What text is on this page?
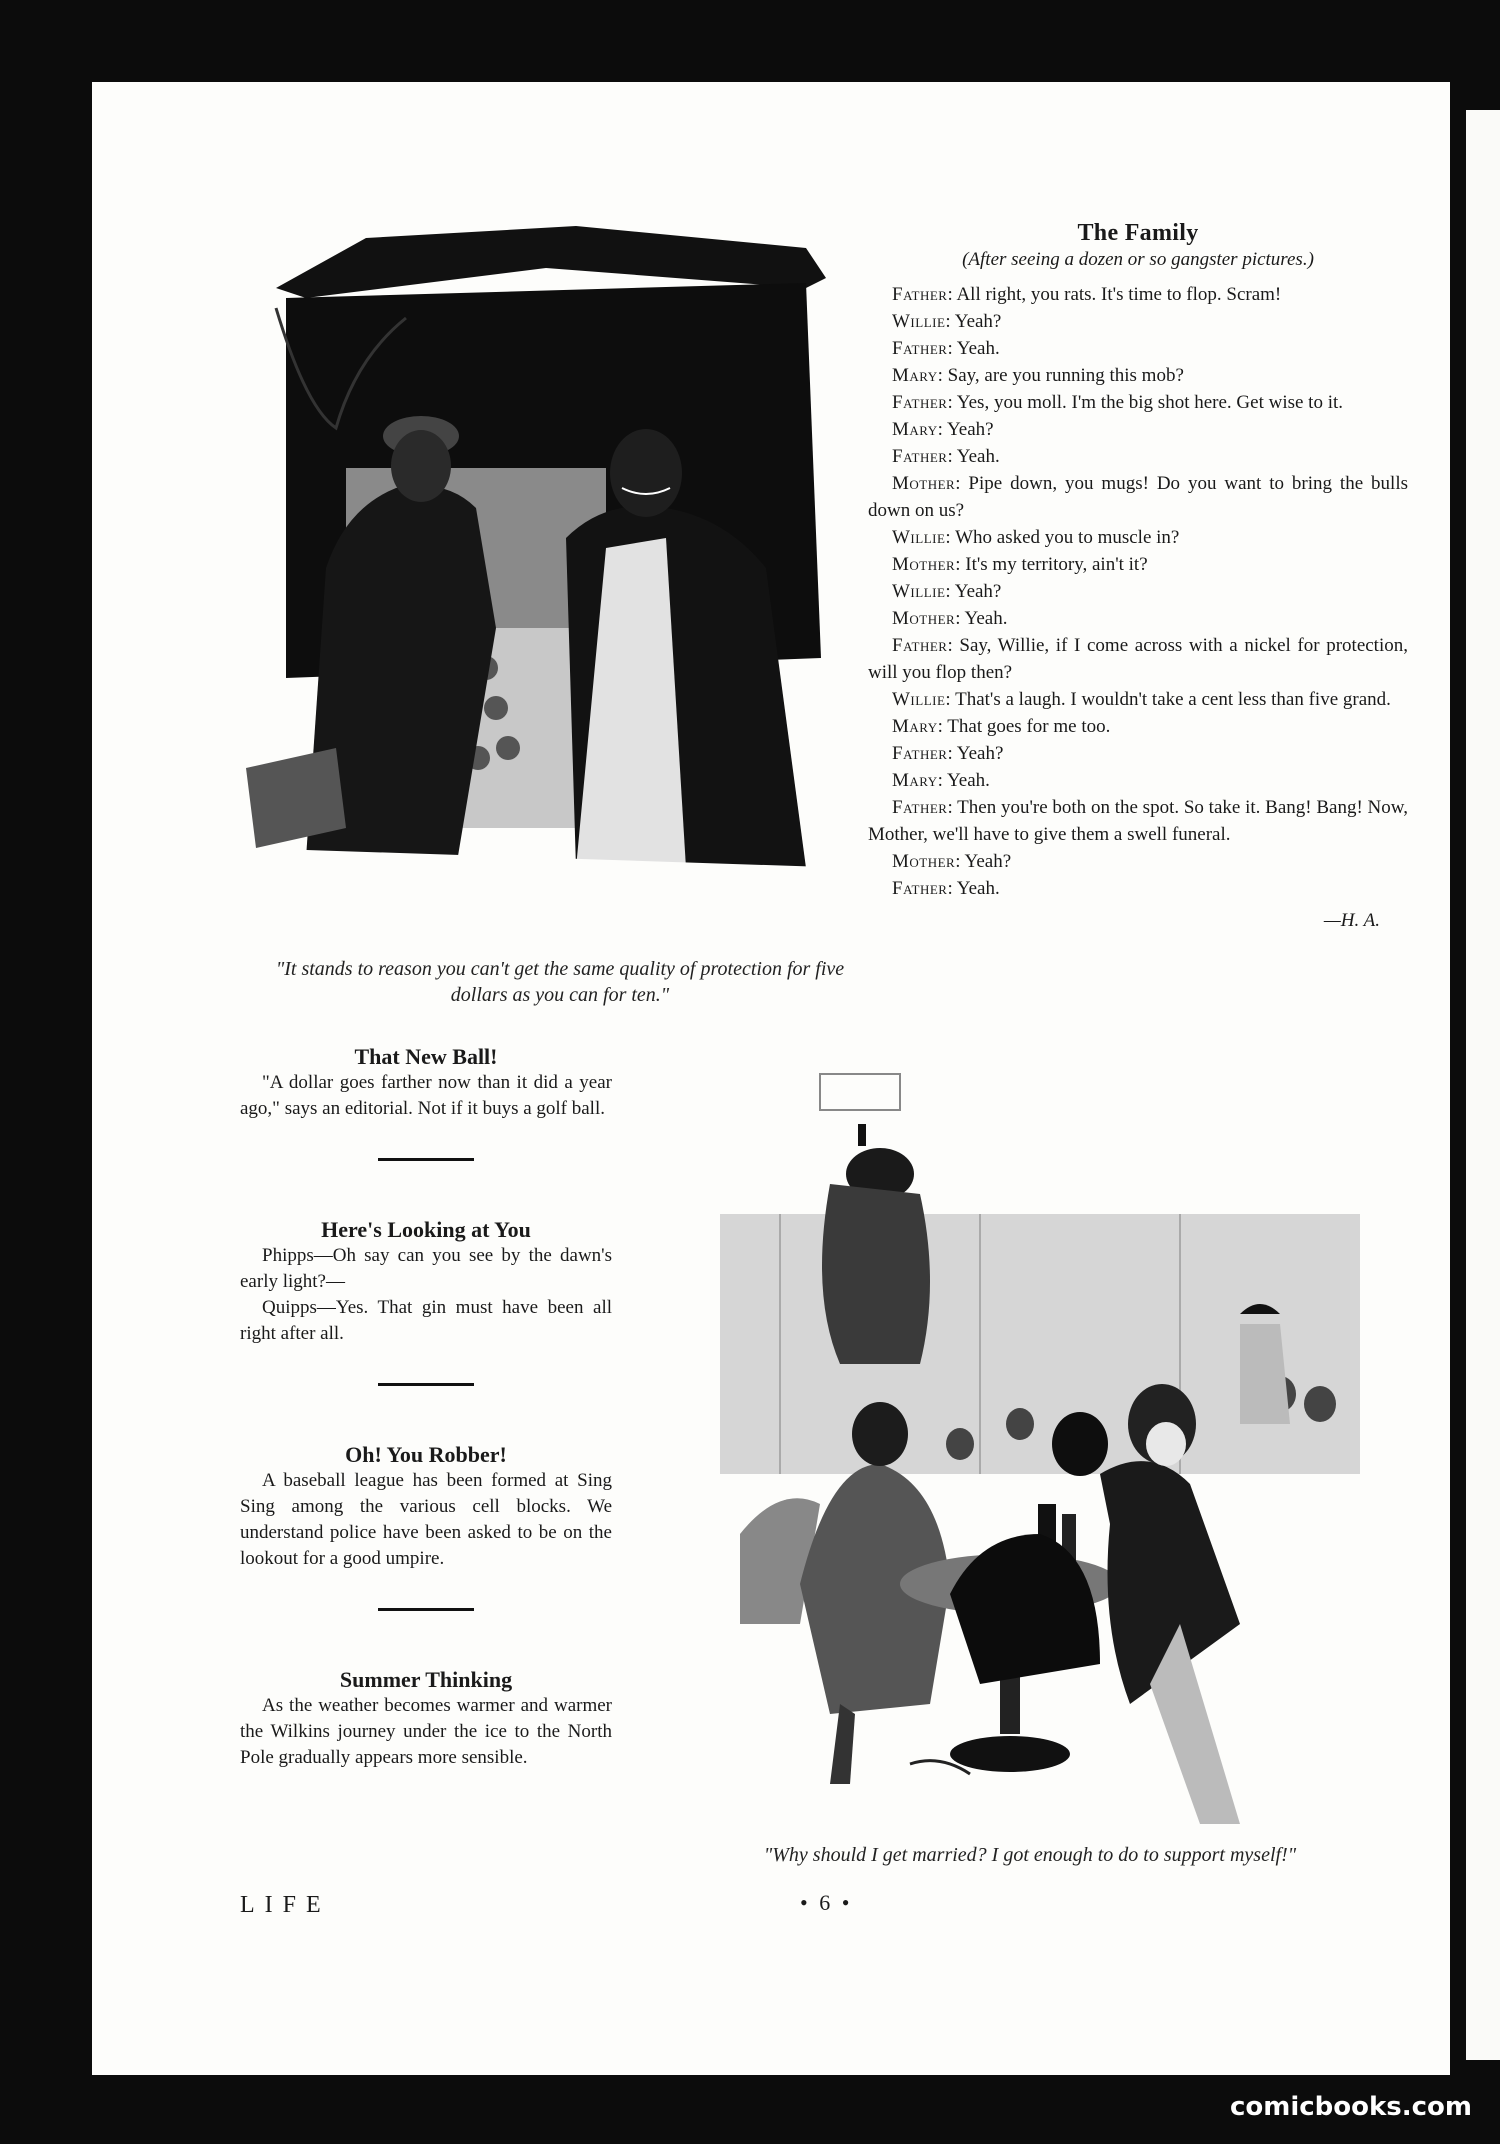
"It stands to reason you can't get the same quality of protection for five dollars as you can for ten."
The Family
(After seeing a dozen or so gangster pictures.)

Father: All right, you rats. It's time to flop. Scram!

Willie: Yeah?

Father: Yeah.

Mary: Say, are you running this mob?

Father: Yes, you moll. I'm the big shot here. Get wise to it.

Mary: Yeah?

Father: Yeah.

Mother: Pipe down, you mugs! Do you want to bring the bulls down on us?

Willie: Who asked you to muscle in?

Mother: It's my territory, ain't it?

Willie: Yeah?

Mother: Yeah.

Father: Say, Willie, if I come across with a nickel for protection, will you flop then?

Willie: That's a laugh. I wouldn't take a cent less than five grand.

Mary: That goes for me too.

Father: Yeah?

Mary: Yeah.

Father: Then you're both on the spot. So take it. Bang! Bang! Now, Mother, we'll have to give them a swell funeral.

Mother: Yeah?

Father: Yeah.

—H. A.
"Why should I get married? I got enough to do to support myself!"
That New Ball!

"A dollar goes farther now than it did a year ago," says an editorial. Not if it buys a golf ball.

Here's Looking at You

Phipps—Oh say can you see by the dawn's early light?—

Quipps—Yes. That gin must have been all right after all.

Oh! You Robber!

A baseball league has been formed at Sing Sing among the various cell blocks. We understand police have been asked to be on the lookout for a good umpire.

Summer Thinking

As the weather becomes warmer and warmer the Wilkins journey under the ice to the North Pole gradually appears more sensible.

LIFE	• 6 •
comicbooks.com
